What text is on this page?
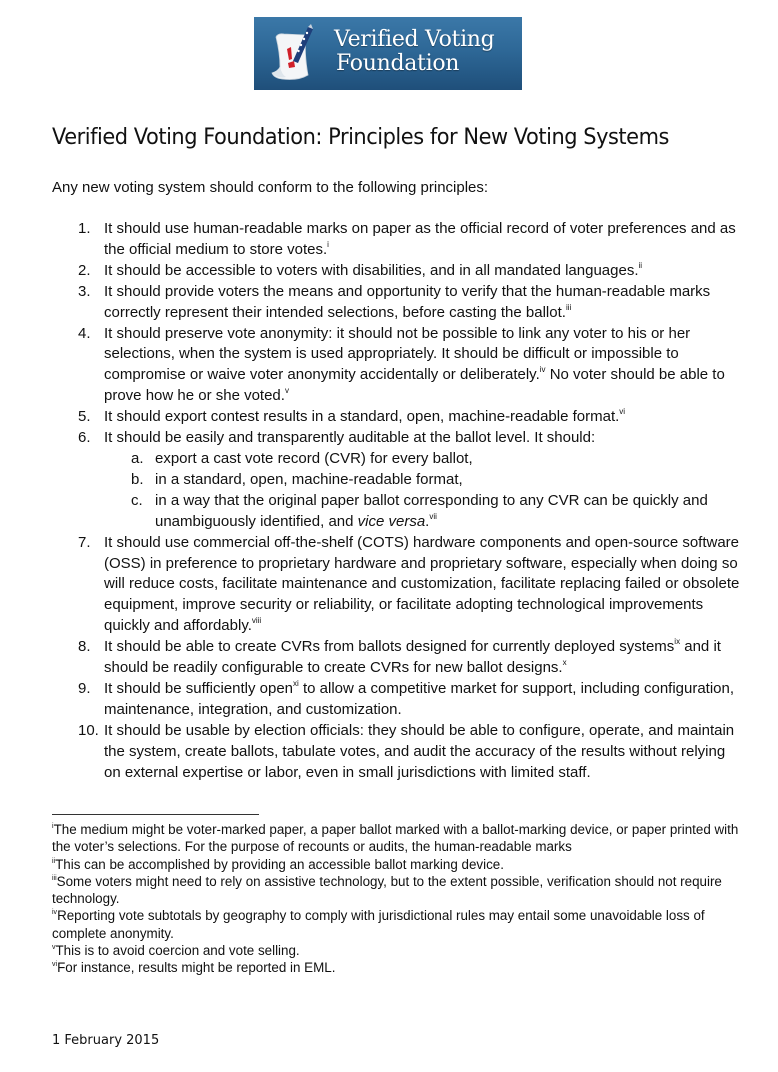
Verified Voting
Foundation
Verified Voting Foundation: Principles for New Voting Systems
Any new voting system should conform to the following principles:
1. It should use human-readable marks on paper as the official record of voter preferences and as the official medium to store votes.$^i$
2. It should be accessible to voters with disabilities, and in all mandated languages.$^{ii}$
3. It should provide voters the means and opportunity to verify that the human-readable marks correctly represent their intended selections, before casting the ballot.$^{iii}$
4. It should preserve vote anonymity: it should not be possible to link any voter to his or her selections, when the system is used appropriately. It should be difficult or impossible to compromise or waive voter anonymity accidentally or deliberately.$^{iv}$ No voter should be able to prove how he or she voted.$^v$
5. It should export contest results in a standard, open, machine-readable format.$^{vi}$
6. It should be easily and transparently auditable at the ballot level. It should:
a. export a cast vote record (CVR) for every ballot,
b. in a standard, open, machine-readable format,
c. in a way that the original paper ballot corresponding to any CVR can be quickly and unambiguously identified, and vice versa.$^{vii}$
7. It should use commercial off-the-shelf (COTS) hardware components and open-source software (OSS) in preference to proprietary hardware and proprietary software, especially when doing so will reduce costs, facilitate maintenance and customization, facilitate replacing failed or obsolete equipment, improve security or reliability, or facilitate adopting technological improvements quickly and affordably.$^{viii}$
8. It should be able to create CVRs from ballots designed for currently deployed systems$^{ix}$ and it should be readily configurable to create CVRs for new ballot designs.$^x$
9. It should be sufficiently open$^{xi}$ to allow a competitive market for support, including configuration, maintenance, integration, and customization.
10. It should be usable by election officials: they should be able to configure, operate, and maintain the system, create ballots, tabulate votes, and audit the accuracy of the results without relying on external expertise or labor, even in small jurisdictions with limited staff.
$^i$The medium might be voter-marked paper, a paper ballot marked with a ballot-marking device, or paper printed with the voter’s selections. For the purpose of recounts or audits, the human-readable marks
$^{ii}$This can be accomplished by providing an accessible ballot marking device.
$^{iii}$Some voters might need to rely on assistive technology, but to the extent possible, verification should not require technology.
$^{iv}$Reporting vote subtotals by geography to comply with jurisdictional rules may entail some unavoidable loss of complete anonymity.
$^v$This is to avoid coercion and vote selling.
$^{vi}$For instance, results might be reported in EML.
1 February 2015
